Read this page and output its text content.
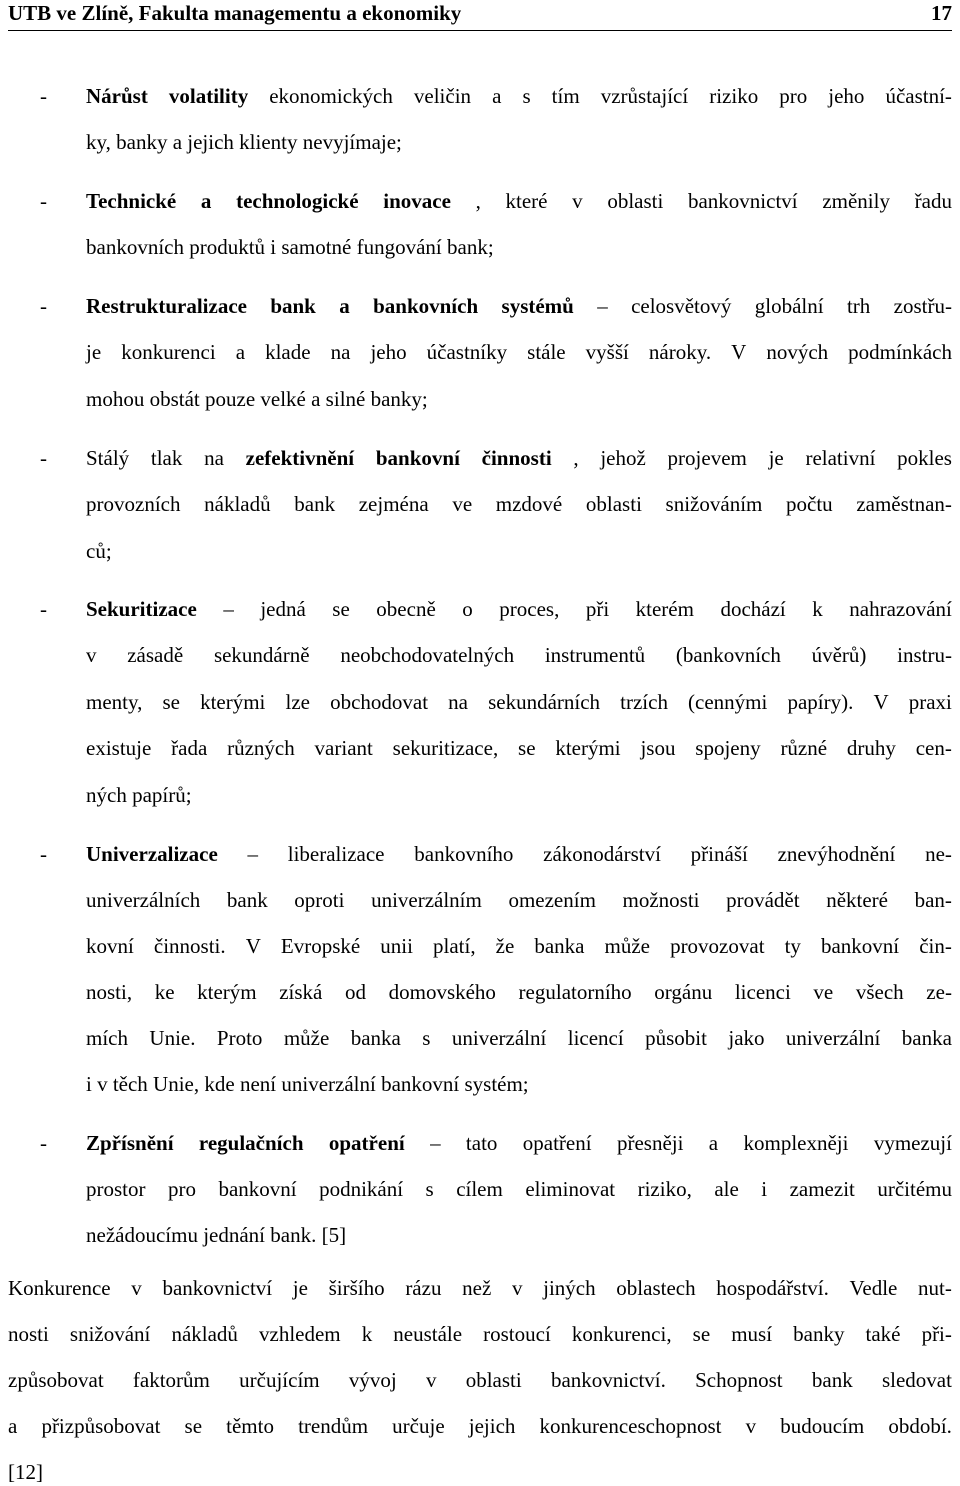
UTB ve Zlíně, Fakulta managementu a ekonomiky	17
- Nárůst volatility ekonomických veličin a s tím vzrůstající riziko pro jeho účastní-
ky, banky a jejich klienty nevyjímaje;
- Technické a technologické inovace , které v oblasti bankovnictví změnily řadu
bankovních produktů i samotné fungování bank;
- Restrukturalizace bank a bankovních systémů – celosvětový globální trh zostřu-
je konkurenci a klade na jeho účastníky stále vyšší nároky. V nových podmínkách
mohou obstát pouze velké a silné banky;
- Stálý tlak na zefektivnění bankovní činnosti , jehož projevem je relativní pokles
provozních nákladů bank zejména ve mzdové oblasti snižováním počtu zaměstnan-
ců;
- Sekuritizace – jedná se obecně o proces, při kterém dochází k nahrazování
v zásadě sekundárně neobchodovatelných instrumentů (bankovních úvěrů) instru-
menty, se kterými lze obchodovat na sekundárních trzích (cennými papíry). V praxi
existuje řada různých variant sekuritizace, se kterými jsou spojeny různé druhy cen-
ných papírů;
- Univerzalizace – liberalizace bankovního zákonodárství přináší znevýhodnění ne-
univerzálních bank oproti univerzálním omezením možnosti provádět některé ban-
kovní činnosti. V Evropské unii platí, že banka může provozovat ty bankovní čin-
nosti, ke kterým získá od domovského regulatorního orgánu licenci ve všech ze-
mích Unie. Proto může banka s univerzální licencí působit jako univerzální banka
i v těch Unie, kde není univerzální bankovní systém;
- Zpřísnění regulačních opatření – tato opatření přesněji a komplexněji vymezují
prostor pro bankovní podnikání s cílem eliminovat riziko, ale i zamezit určitému
nežádoucímu jednání bank. [5]
Konkurence v bankovnictví je širšího rázu než v jiných oblastech hospodářství. Vedle nut-
nosti snižování nákladů vzhledem k neustále rostoucí konkurenci, se musí banky také při-
způsobovat faktorům určujícím vývoj v oblasti bankovnictví. Schopnost bank sledovat
a přizpůsobovat se těmto trendům určuje jejich konkurenceschopnost v budoucím období.
[12]
